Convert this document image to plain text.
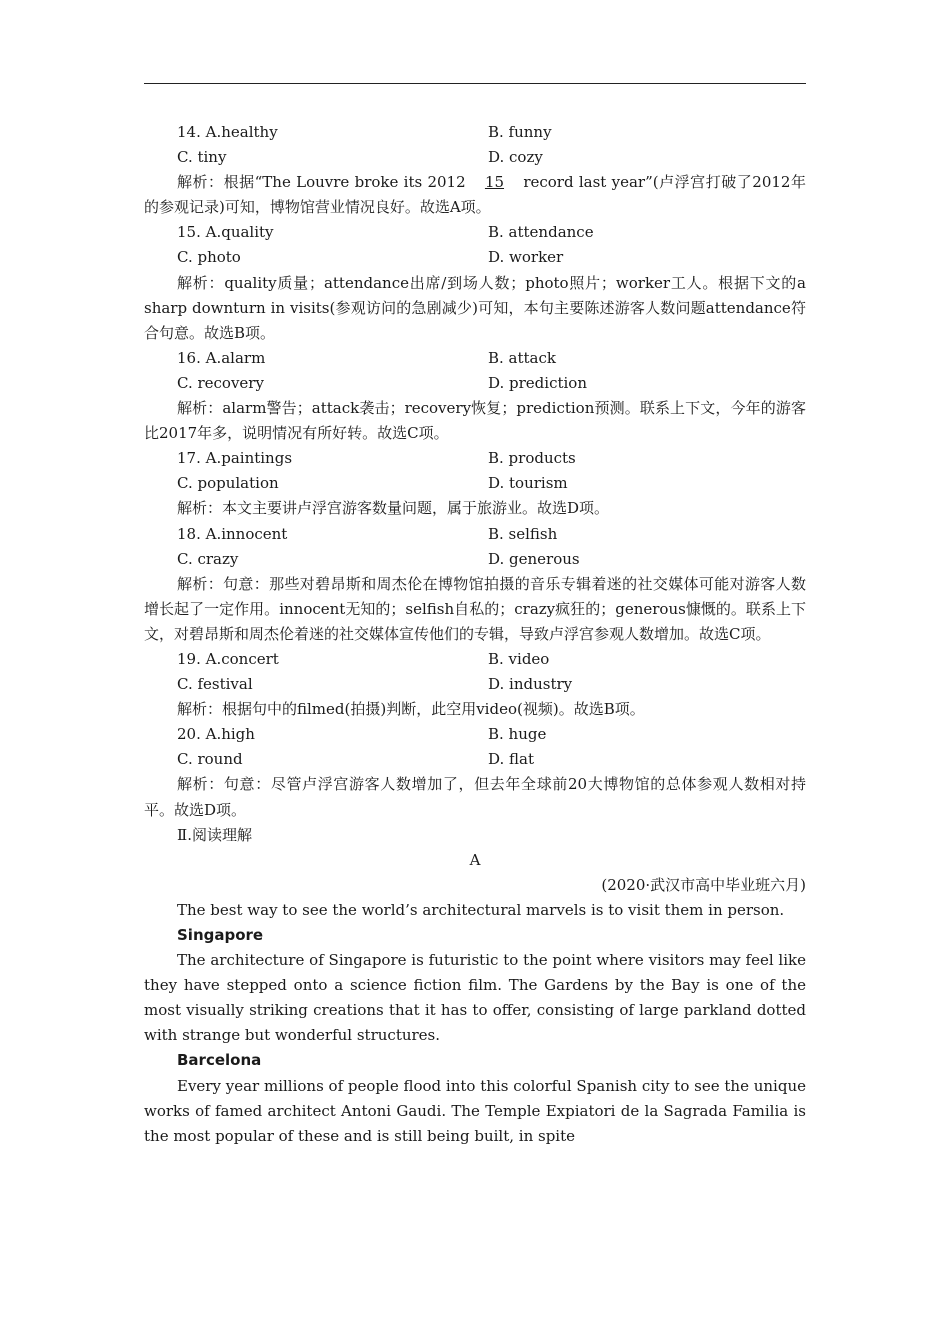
14. A.healthy	B. funny
C. tiny	D. cozy

解析：根据“The Louvre broke its 2012 15 record last year”(卢浮宫打破了2012年的参观记录)可知，博物馆营业情况良好。故选A项。

15. A.quality	B. attendance
C. photo	D. worker

解析：quality质量；attendance出席/到场人数；photo照片；worker工人。根据下文的a sharp downturn in visits(参观访问的急剧减少)可知，本句主要陈述游客人数问题attendance符合句意。故选B项。

16. A.alarm	B. attack
C. recovery	D. prediction

解析：alarm警告；attack袭击；recovery恢复；prediction预测。联系上下文，今年的游客比2017年多，说明情况有所好转。故选C项。

17. A.paintings	B. products
C. population	D. tourism

解析：本文主要讲卢浮宫游客数量问题，属于旅游业。故选D项。

18. A.innocent	B. selfish
C. crazy	D. generous

解析：句意：那些对碧昂斯和周杰伦在博物馆拍摄的音乐专辑着迷的社交媒体可能对游客人数增长起了一定作用。innocent无知的；selfish自私的；crazy疯狂的；generous慷慨的。联系上下文，对碧昂斯和周杰伦着迷的社交媒体宣传他们的专辑，导致卢浮宫参观人数增加。故选C项。

19. A.concert	B. video
C. festival	D. industry

解析：根据句中的filmed(拍摄)判断，此空用video(视频)。故选B项。

20. A.high	B. huge
C. round	D. flat

解析：句意：尽管卢浮宫游客人数增加了，但去年全球前20大博物馆的总体参观人数相对持平。故选D项。

Ⅱ.阅读理解
A
(2020·武汉市高中毕业班六月)

The best way to see the world’s architectural marvels is to visit them in person.

Singapore

The architecture of Singapore is futuristic to the point where visitors may feel like they have stepped onto a science fiction film. The Gardens by the Bay is one of the most visually striking creations that it has to offer, consisting of large parkland dotted with strange but wonderful structures.

Barcelona

Every year millions of people flood into this colorful Spanish city to see the unique works of famed architect Antoni Gaudi. The Temple Expiatori de la Sagrada Familia is the most popular of these and is still being built, in spite
